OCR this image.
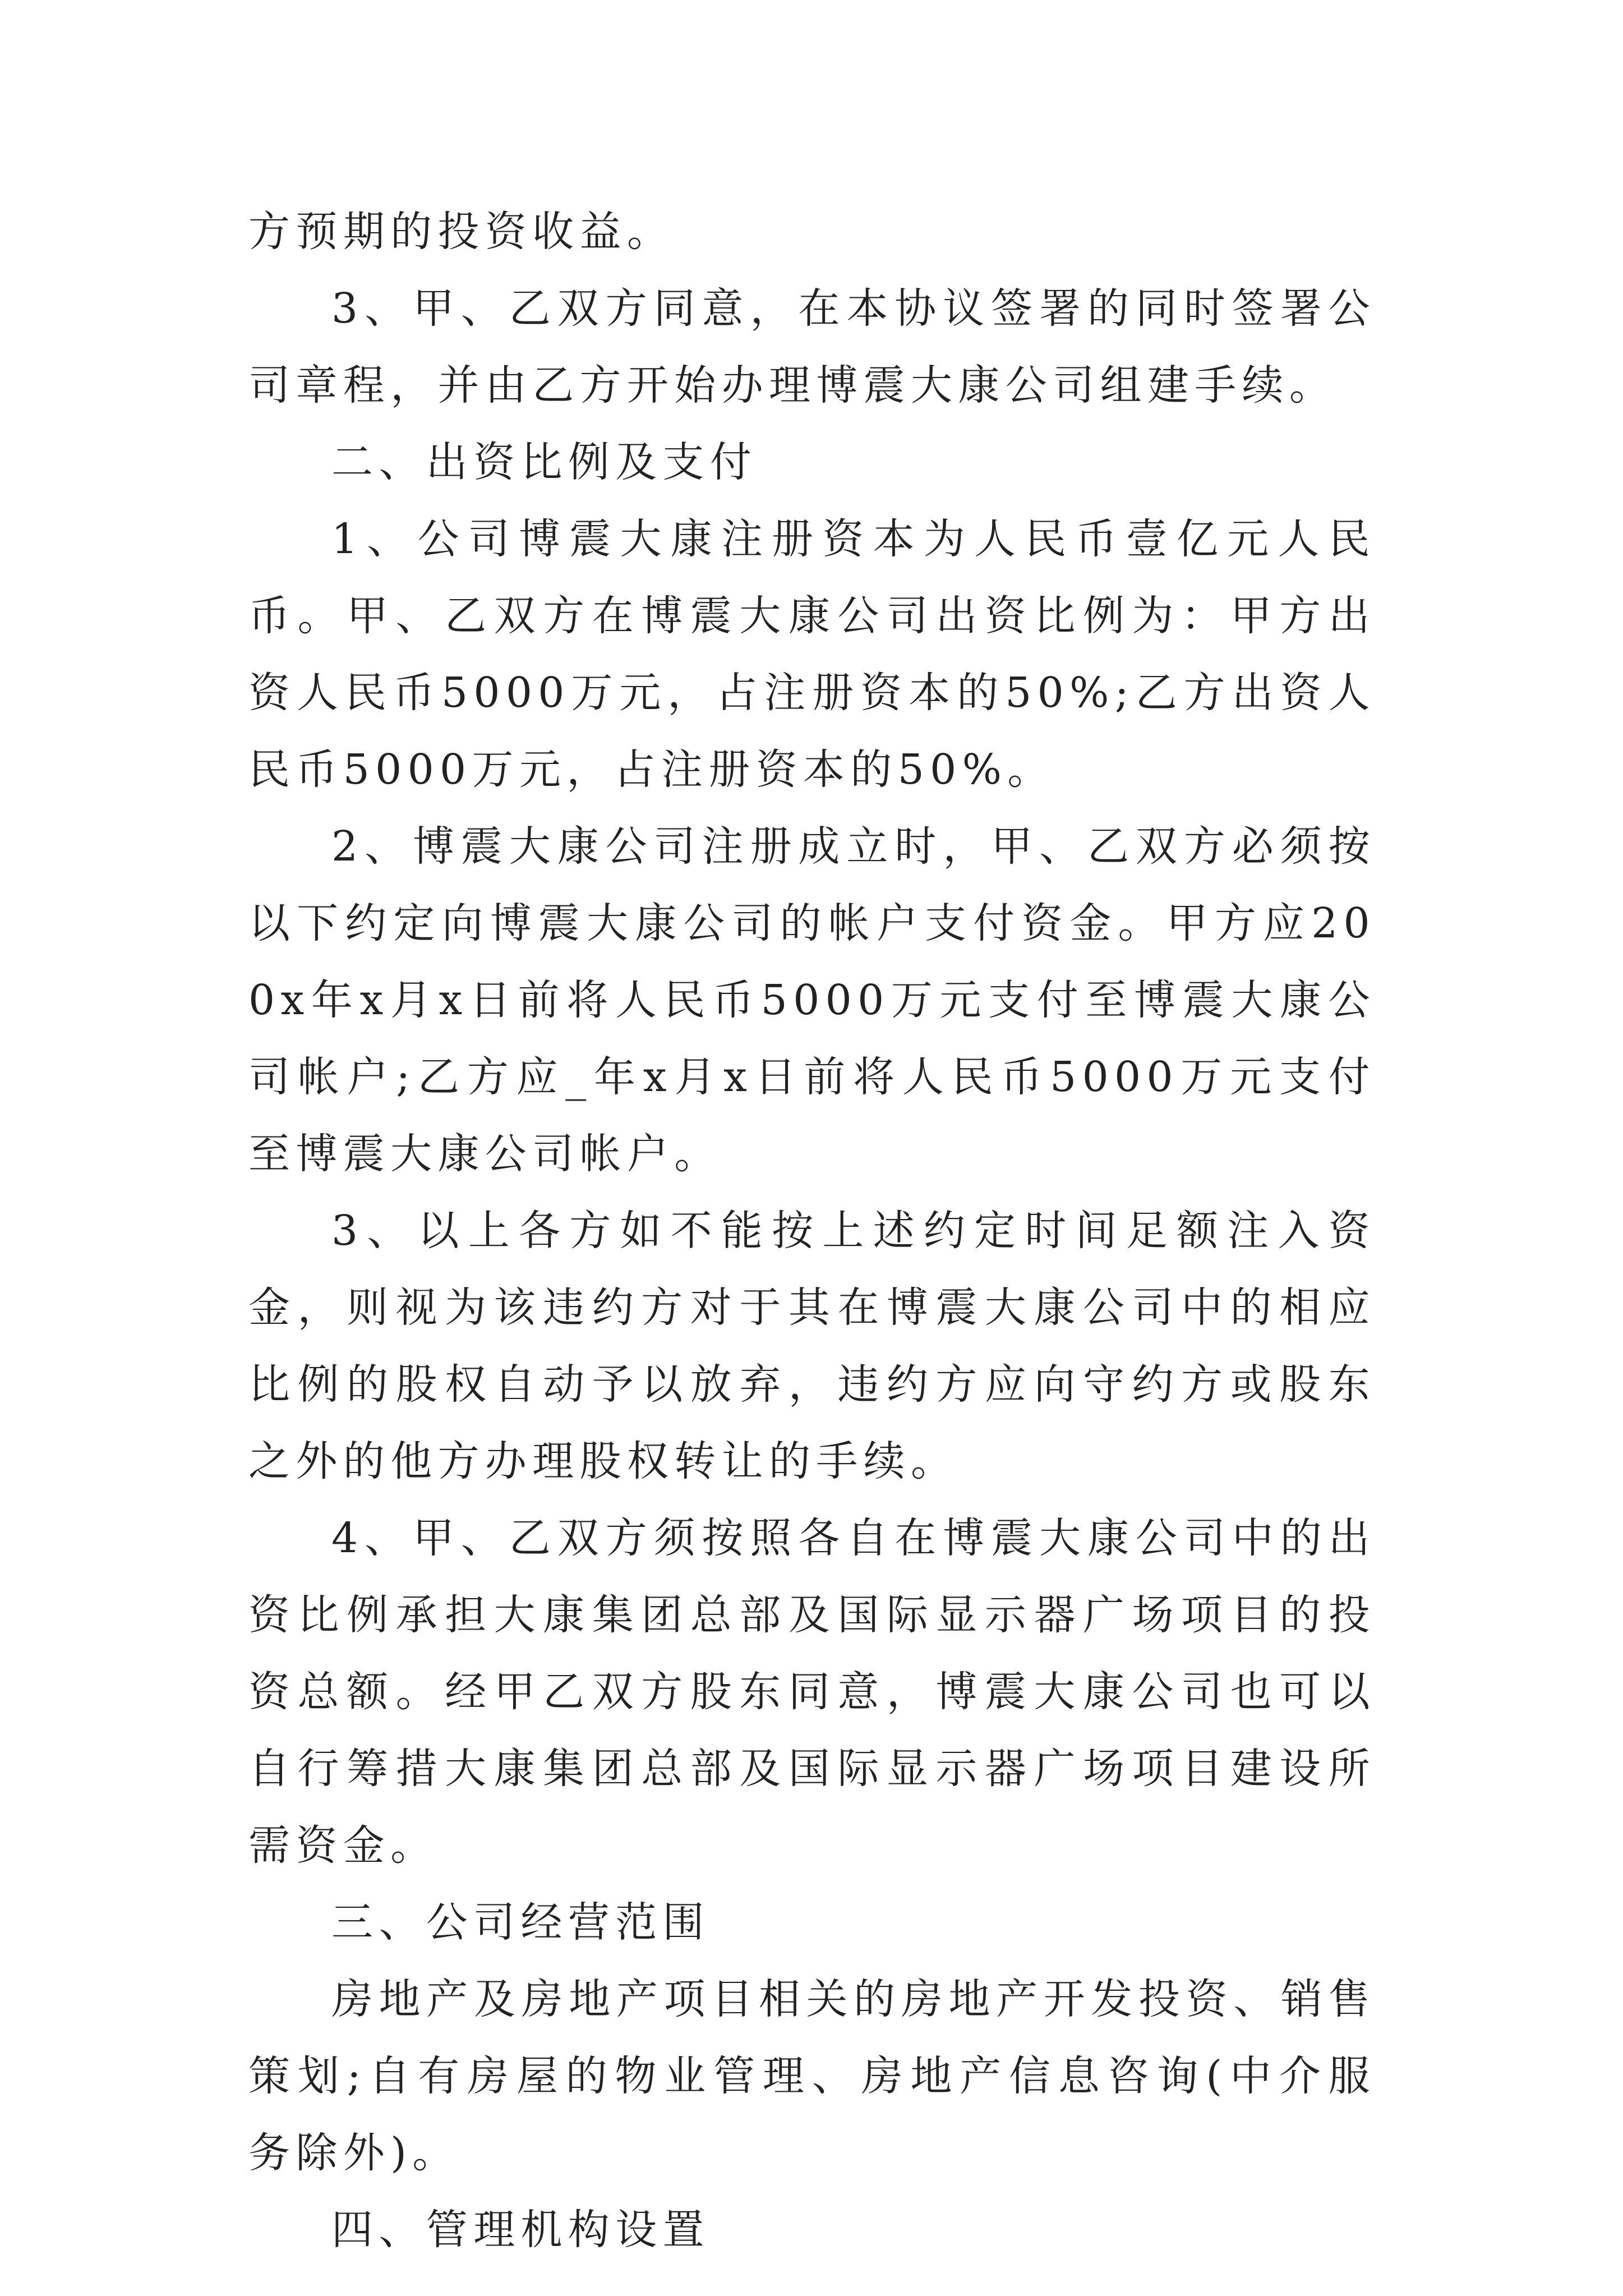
方预期的投资收益。

3、甲、乙双方同意，在本协议签署的同时签署公司章程，并由乙方开始办理博震大康公司组建手续。

二、出资比例及支付

1、公司博震大康注册资本为人民币壹亿元人民币。甲、乙双方在博震大康公司出资比例为：甲方出资人民币5000万元，占注册资本的50%;乙方出资人民币5000万元，占注册资本的50%。

2、博震大康公司注册成立时，甲、乙双方必须按以下约定向博震大康公司的帐户支付资金。甲方应200x年x月x日前将人民币5000万元支付至博震大康公司帐户;乙方应_年x月x日前将人民币5000万元支付至博震大康公司帐户。

3、以上各方如不能按上述约定时间足额注入资金，则视为该违约方对于其在博震大康公司中的相应比例的股权自动予以放弃，违约方应向守约方或股东之外的他方办理股权转让的手续。

4、甲、乙双方须按照各自在博震大康公司中的出资比例承担大康集团总部及国际显示器广场项目的投资总额。经甲乙双方股东同意，博震大康公司也可以自行筹措大康集团总部及国际显示器广场项目建设所需资金。

三、公司经营范围

房地产及房地产项目相关的房地产开发投资、销售策划;自有房屋的物业管理、房地产信息咨询(中介服务除外)。

四、管理机构设置
